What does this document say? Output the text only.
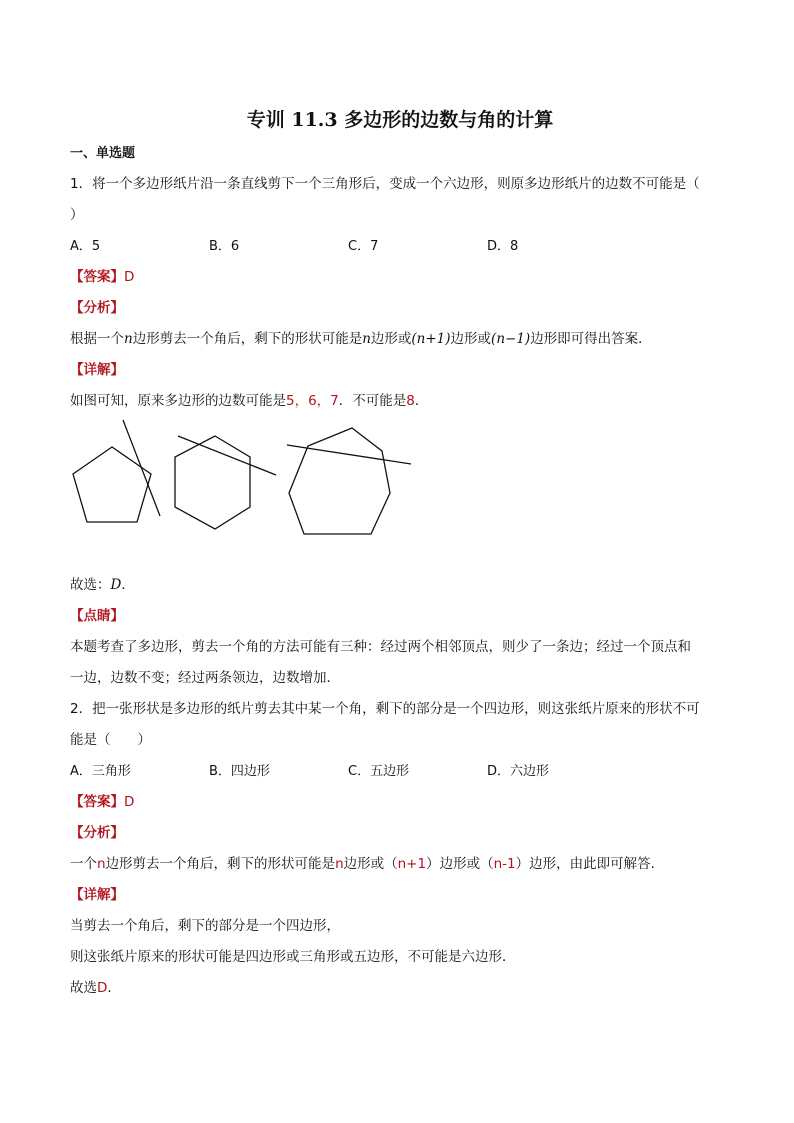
专训 11.3 多边形的边数与角的计算
一、单选题

1．将一个多边形纸片沿一条直线剪下一个三角形后，变成一个六边形，则原多边形纸片的边数不可能是（

）

A．5	B．6	C．7	D．8

【答案】D

【分析】

根据一个n边形剪去一个角后，剩下的形状可能是n边形或(n+1)边形或(n−1)边形即可得出答案．

【详解】

如图可知，原来多边形的边数可能是5，6，7．不可能是8．

故选：D．

【点睛】

本题考查了多边形，剪去一个角的方法可能有三种：经过两个相邻顶点，则少了一条边；经过一个顶点和

一边，边数不变；经过两条领边，边数增加．

2．把一张形状是多边形的纸片剪去其中某一个角，剩下的部分是一个四边形，则这张纸片原来的形状不可

能是（　　）

A．三角形	B．四边形	C．五边形	D．六边形

【答案】D

【分析】

一个n边形剪去一个角后，剩下的形状可能是n边形或（n+1）边形或（n-1）边形，由此即可解答.

【详解】

当剪去一个角后，剩下的部分是一个四边形，

则这张纸片原来的形状可能是四边形或三角形或五边形，不可能是六边形．

故选D．
